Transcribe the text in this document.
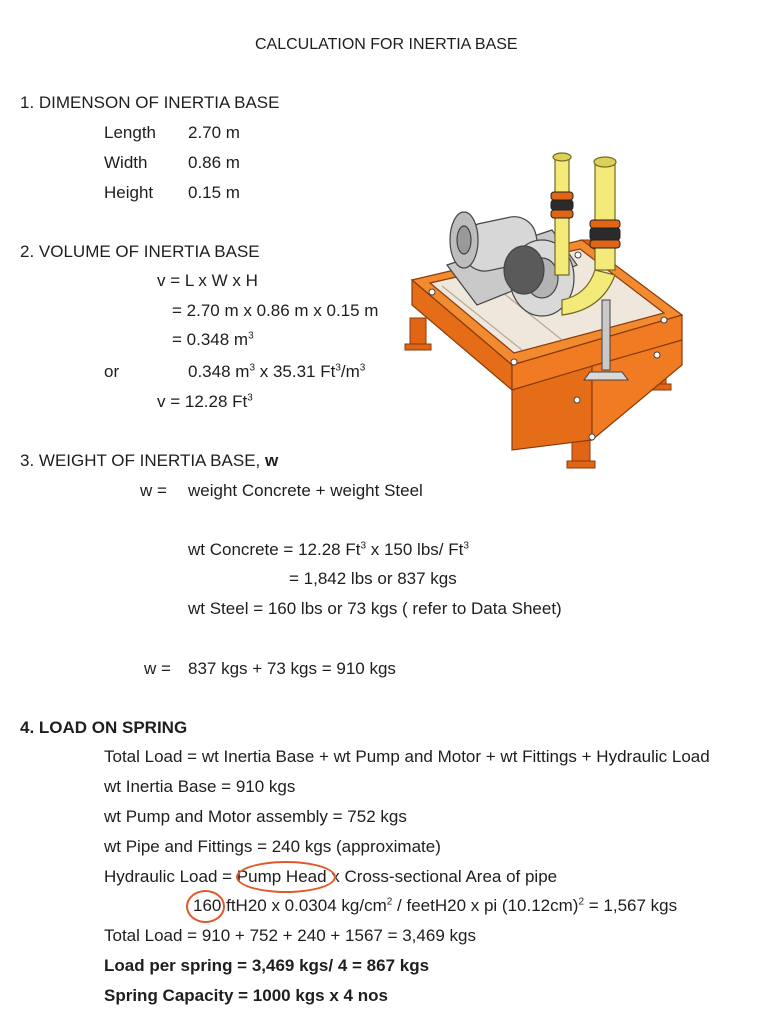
CALCULATION FOR INERTIA BASE
1. DIMENSON OF INERTIA BASE
Length 2.70 m
Width 0.86 m
Height 0.15 m
2. VOLUME OF INERTIA BASE
v = L x W x H
= 2.70 m x 0.86 m x 0.15 m
= 0.348 $m^3$
or	0.348 $m^3$ x 35.31 $Ft^3/m^3$
v = 12.28 Ft$^3$
3. WEIGHT OF INERTIA BASE, w
w = weight Concrete + weight Steel
wt Concrete = 12.28 Ft$^3$ x 150 lbs/ $Ft^3$
= 1,842 lbs or 837 kgs
wt Steel = 160 lbs or 73 kgs ( refer to Data Sheet)
w = 837 kgs + 73 kgs = 910 kgs
4. LOAD ON SPRING
Total Load = wt Inertia Base + wt Pump and Motor + wt Fittings + Hydraulic Load
wt Inertia Base = 910 kgs
wt Pump and Motor assembly = 752 kgs
wt Pipe and Fittings = 240 kgs (approximate)
Hydraulic Load = Pump Head x Cross-sectional Area of pipe
160 ftH20 x 0.0304 $kg/cm^2$ / feetH20 x pi $(10.12cm)^2 = 1,567$ kgs
Total Load = 910 + 752 + 240 + 1567 = 3,469 kgs
Load per spring = 3,469 kgs/ 4 = 867 kgs
Spring Capacity = 1000 kgs x 4 nos
